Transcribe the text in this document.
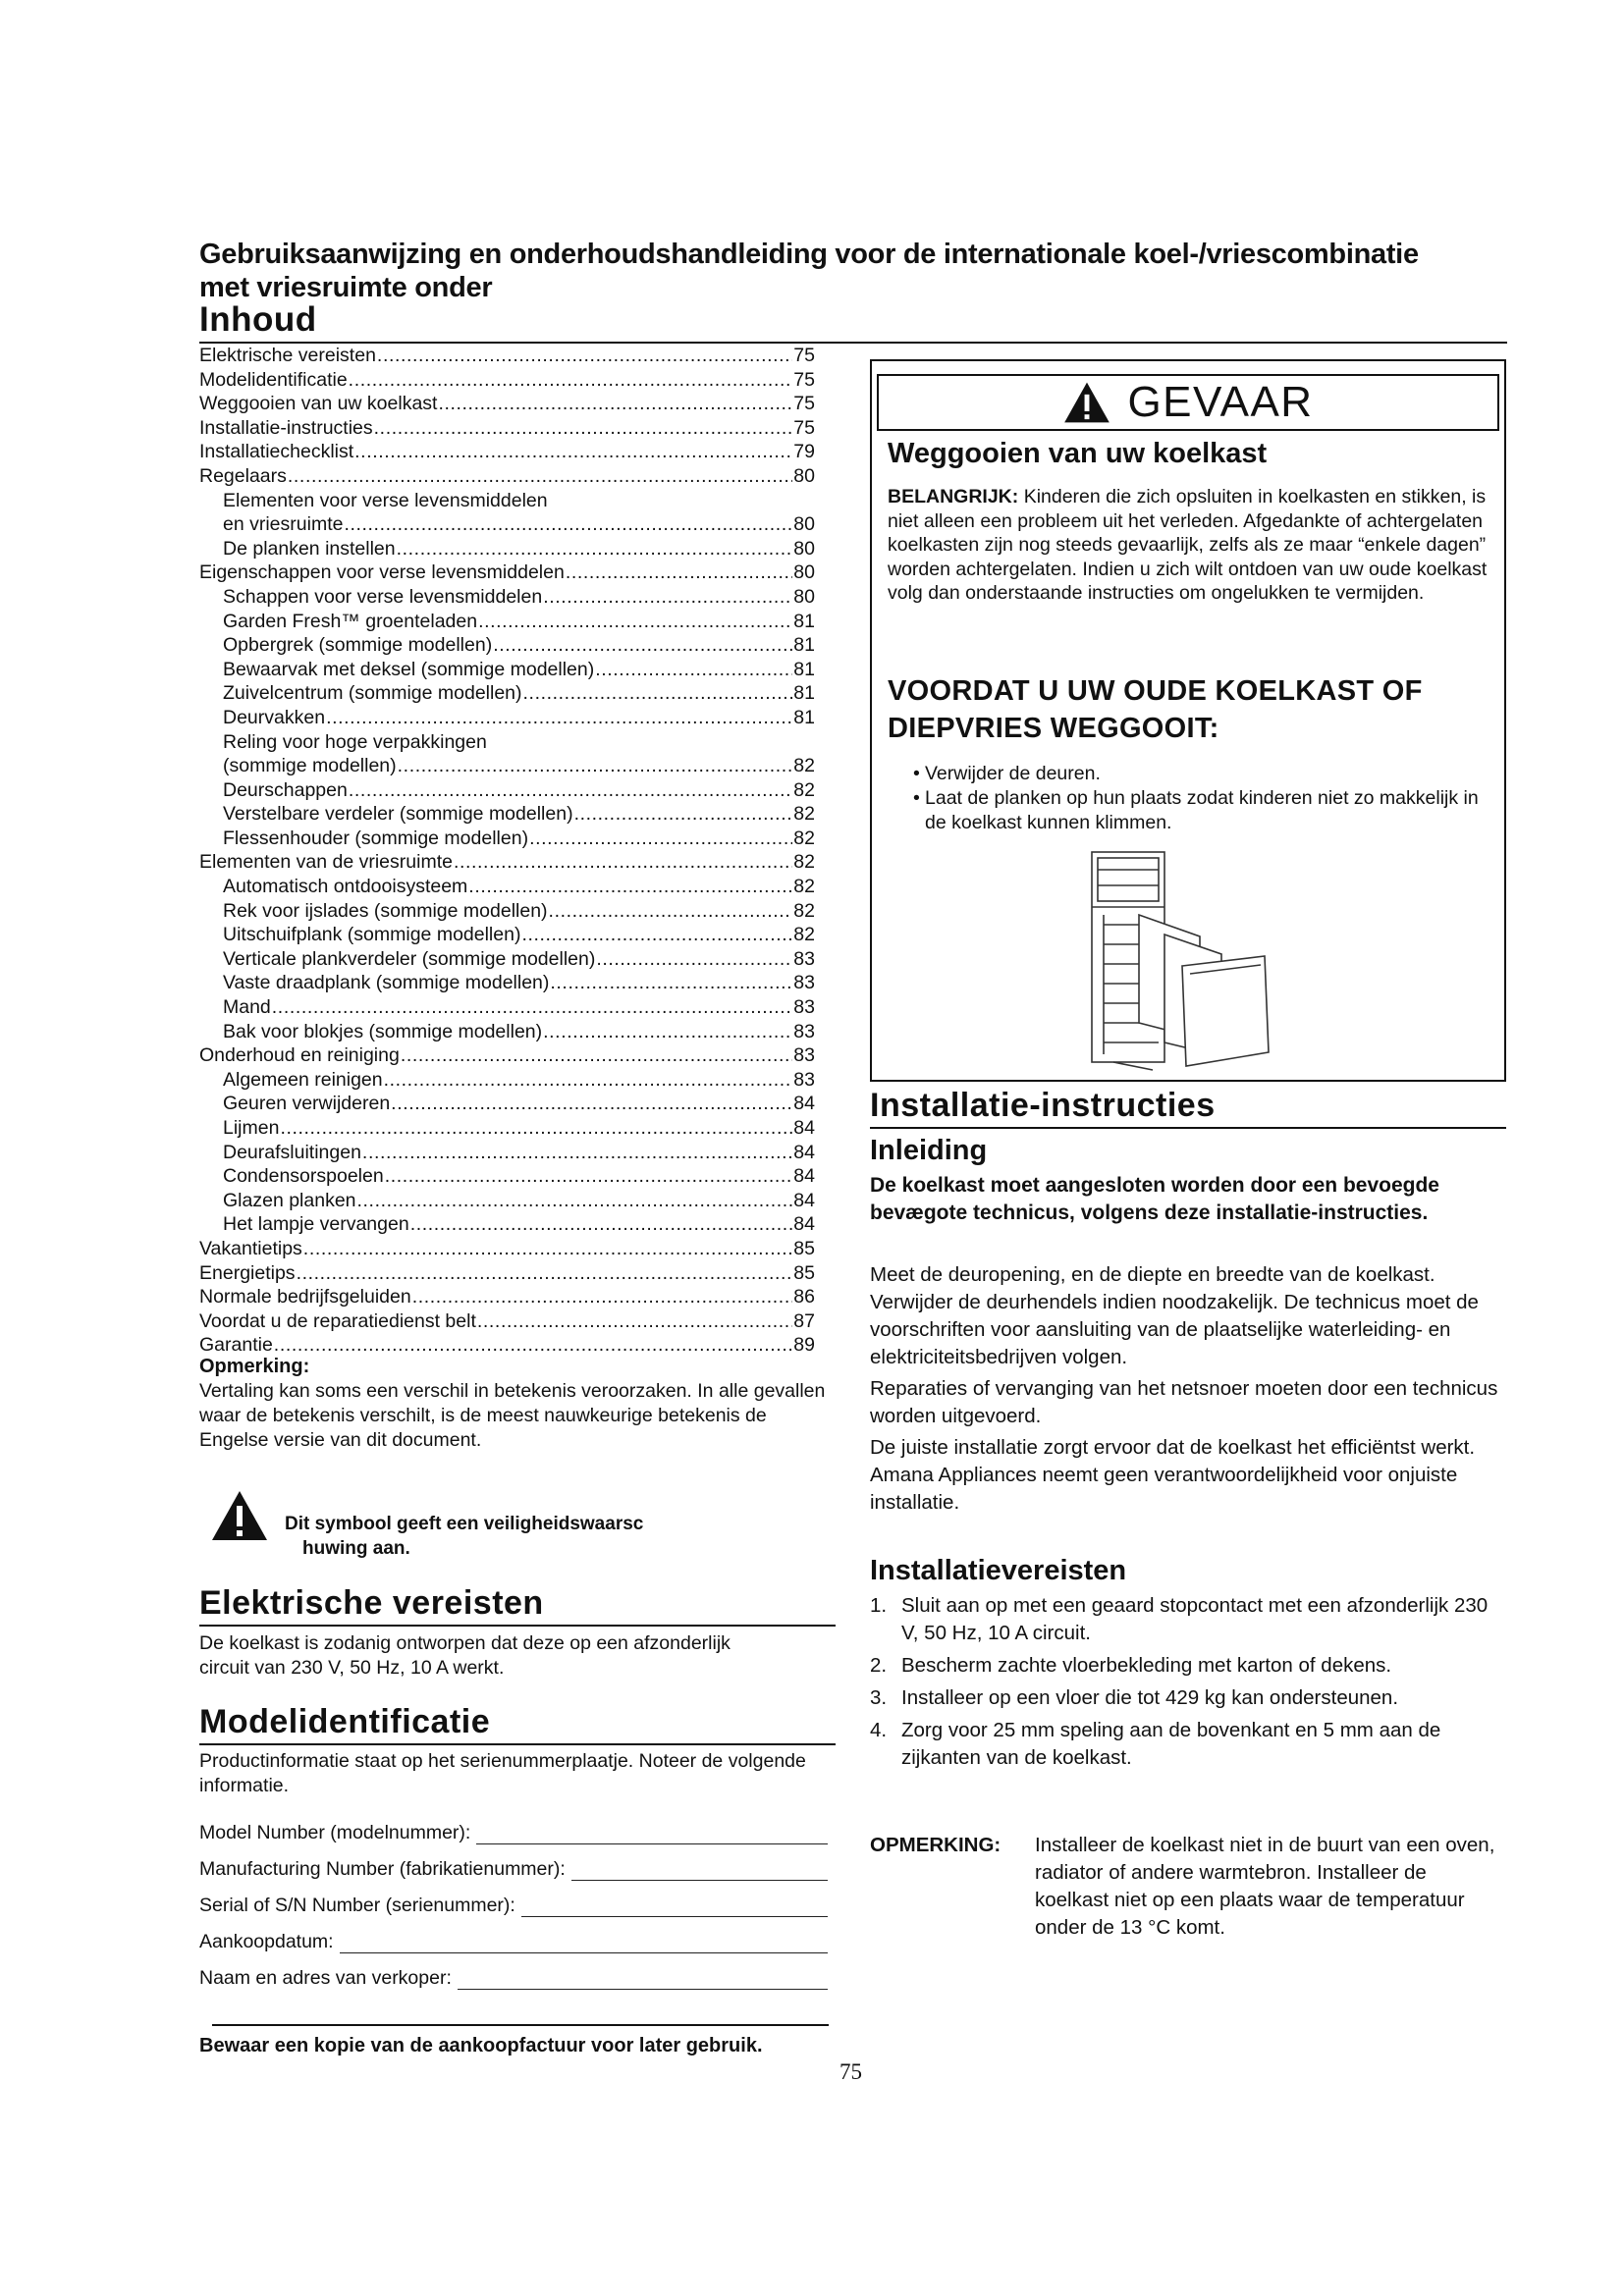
Gebruiksaanwijzing en onderhoudshandleiding voor de internationale koel-/vriescombinatie met vriesruimte onder
Inhoud
Elektrische vereisten .....	75
Modelidentificatie .....	75
Weggooien van uw koelkast .....	75
Installatie-instructies .....	75
Installatiechecklist .....	79
Regelaars .....	80
Elementen voor verse levensmiddelen
en vriesruimte .....	80
De planken instellen .....	80
Eigenschappen voor verse levensmiddelen .....	80
Schappen voor verse levensmiddelen .....	80
Garden Fresh™ groenteladen .....	81
Opbergrek (sommige modellen) .....	81
Bewaarvak met deksel (sommige modellen) .....	81
Zuivelcentrum (sommige modellen) .....	81
Deurvakken .....	81
Reling voor hoge verpakkingen
(sommige modellen) .....	82
Deurschappen .....	82
Verstelbare verdeler (sommige modellen) .....	82
Flessenhouder (sommige modellen) .....	82
Elementen van de vriesruimte .....	82
Automatisch ontdooisysteem .....	82
Rek voor ijslades (sommige modellen) .....	82
Uitschuifplank (sommige modellen) .....	82
Verticale plankverdeler (sommige modellen) .....	83
Vaste draadplank (sommige modellen) .....	83
Mand .....	83
Bak voor blokjes (sommige modellen) .....	83
Onderhoud en reiniging .....	83
Algemeen reinigen .....	83
Geuren verwijderen .....	84
Lijmen .....	84
Deurafsluitingen .....	84
Condensorspoelen .....	84
Glazen planken .....	84
Het lampje vervangen .....	84
Vakantietips .....	85
Energietips .....	85
Normale bedrijfsgeluiden .....	86
Voordat u de reparatiedienst belt .....	87
Garantie .....	89
Opmerking:
Vertaling kan soms een verschil in betekenis veroorzaken. In alle gevallen waar de betekenis verschilt, is de meest nauwkeurige betekenis de Engelse versie van dit document.
Dit symbool geeft een veiligheidswaarsc
huwing aan.
Elektrische vereisten
De koelkast is zodanig ontworpen dat deze op een afzonderlijk circuit van 230 V, 50 Hz, 10 A werkt.
Modelidentificatie
Productinformatie staat op het serienummerplaatje. Noteer de volgende informatie.
Model Number (modelnummer):
Manufacturing Number (fabrikatienummer):
Serial of S/N Number (serienummer):
Aankoopdatum:
Naam en adres van verkoper:
Bewaar een kopie van de aankoopfactuur voor later gebruik.
75
GEVAAR
Weggooien van uw koelkast
BELANGRIJK: Kinderen die zich opsluiten in koelkasten en stikken, is niet alleen een probleem uit het verleden. Afgedankte of achtergelaten koelkasten zijn nog steeds gevaarlijk, zelfs als ze maar “enkele dagen” worden achtergelaten. Indien u zich wilt ontdoen van uw oude koelkast volg dan onderstaande instructies om ongelukken te vermijden.
VOORDAT U UW OUDE KOELKAST OF
DIEPVRIES WEGGOOIT:
• Verwijder de deuren.
• Laat de planken op hun plaats zodat kinderen niet zo makkelijk in de koelkast kunnen klimmen.
Installatie-instructies
Inleiding
De koelkast moet aangesloten worden door een bevoegde bevægote technicus, volgens deze installatie-instructies.
Meet de deuropening, en de diepte en breedte van de koelkast. Verwijder de deurhendels indien noodzakelijk. De technicus moet de voorschriften voor aansluiting van de plaatselijke waterleiding- en elektriciteitsbedrijven volgen.
Reparaties of vervanging van het netsnoer moeten door een technicus worden uitgevoerd.
De juiste installatie zorgt ervoor dat de koelkast het efficiëntst werkt. Amana Appliances neemt geen verantwoordelijkheid voor onjuiste installatie.
Installatievereisten
1. Sluit aan op met een geaard stopcontact met een afzonderlijk 230 V, 50 Hz, 10 A circuit.
2. Bescherm zachte vloerbekleding met karton of dekens.
3. Installeer op een vloer die tot 429 kg kan ondersteunen.
4. Zorg voor 25 mm speling aan de bovenkant en 5 mm aan de zijkanten van de koelkast.
OPMERKING:	Installeer de koelkast niet in de buurt van een oven, radiator of andere warmtebron. Installeer de koelkast niet op een plaats waar de temperatuur onder de 13 °C komt.
